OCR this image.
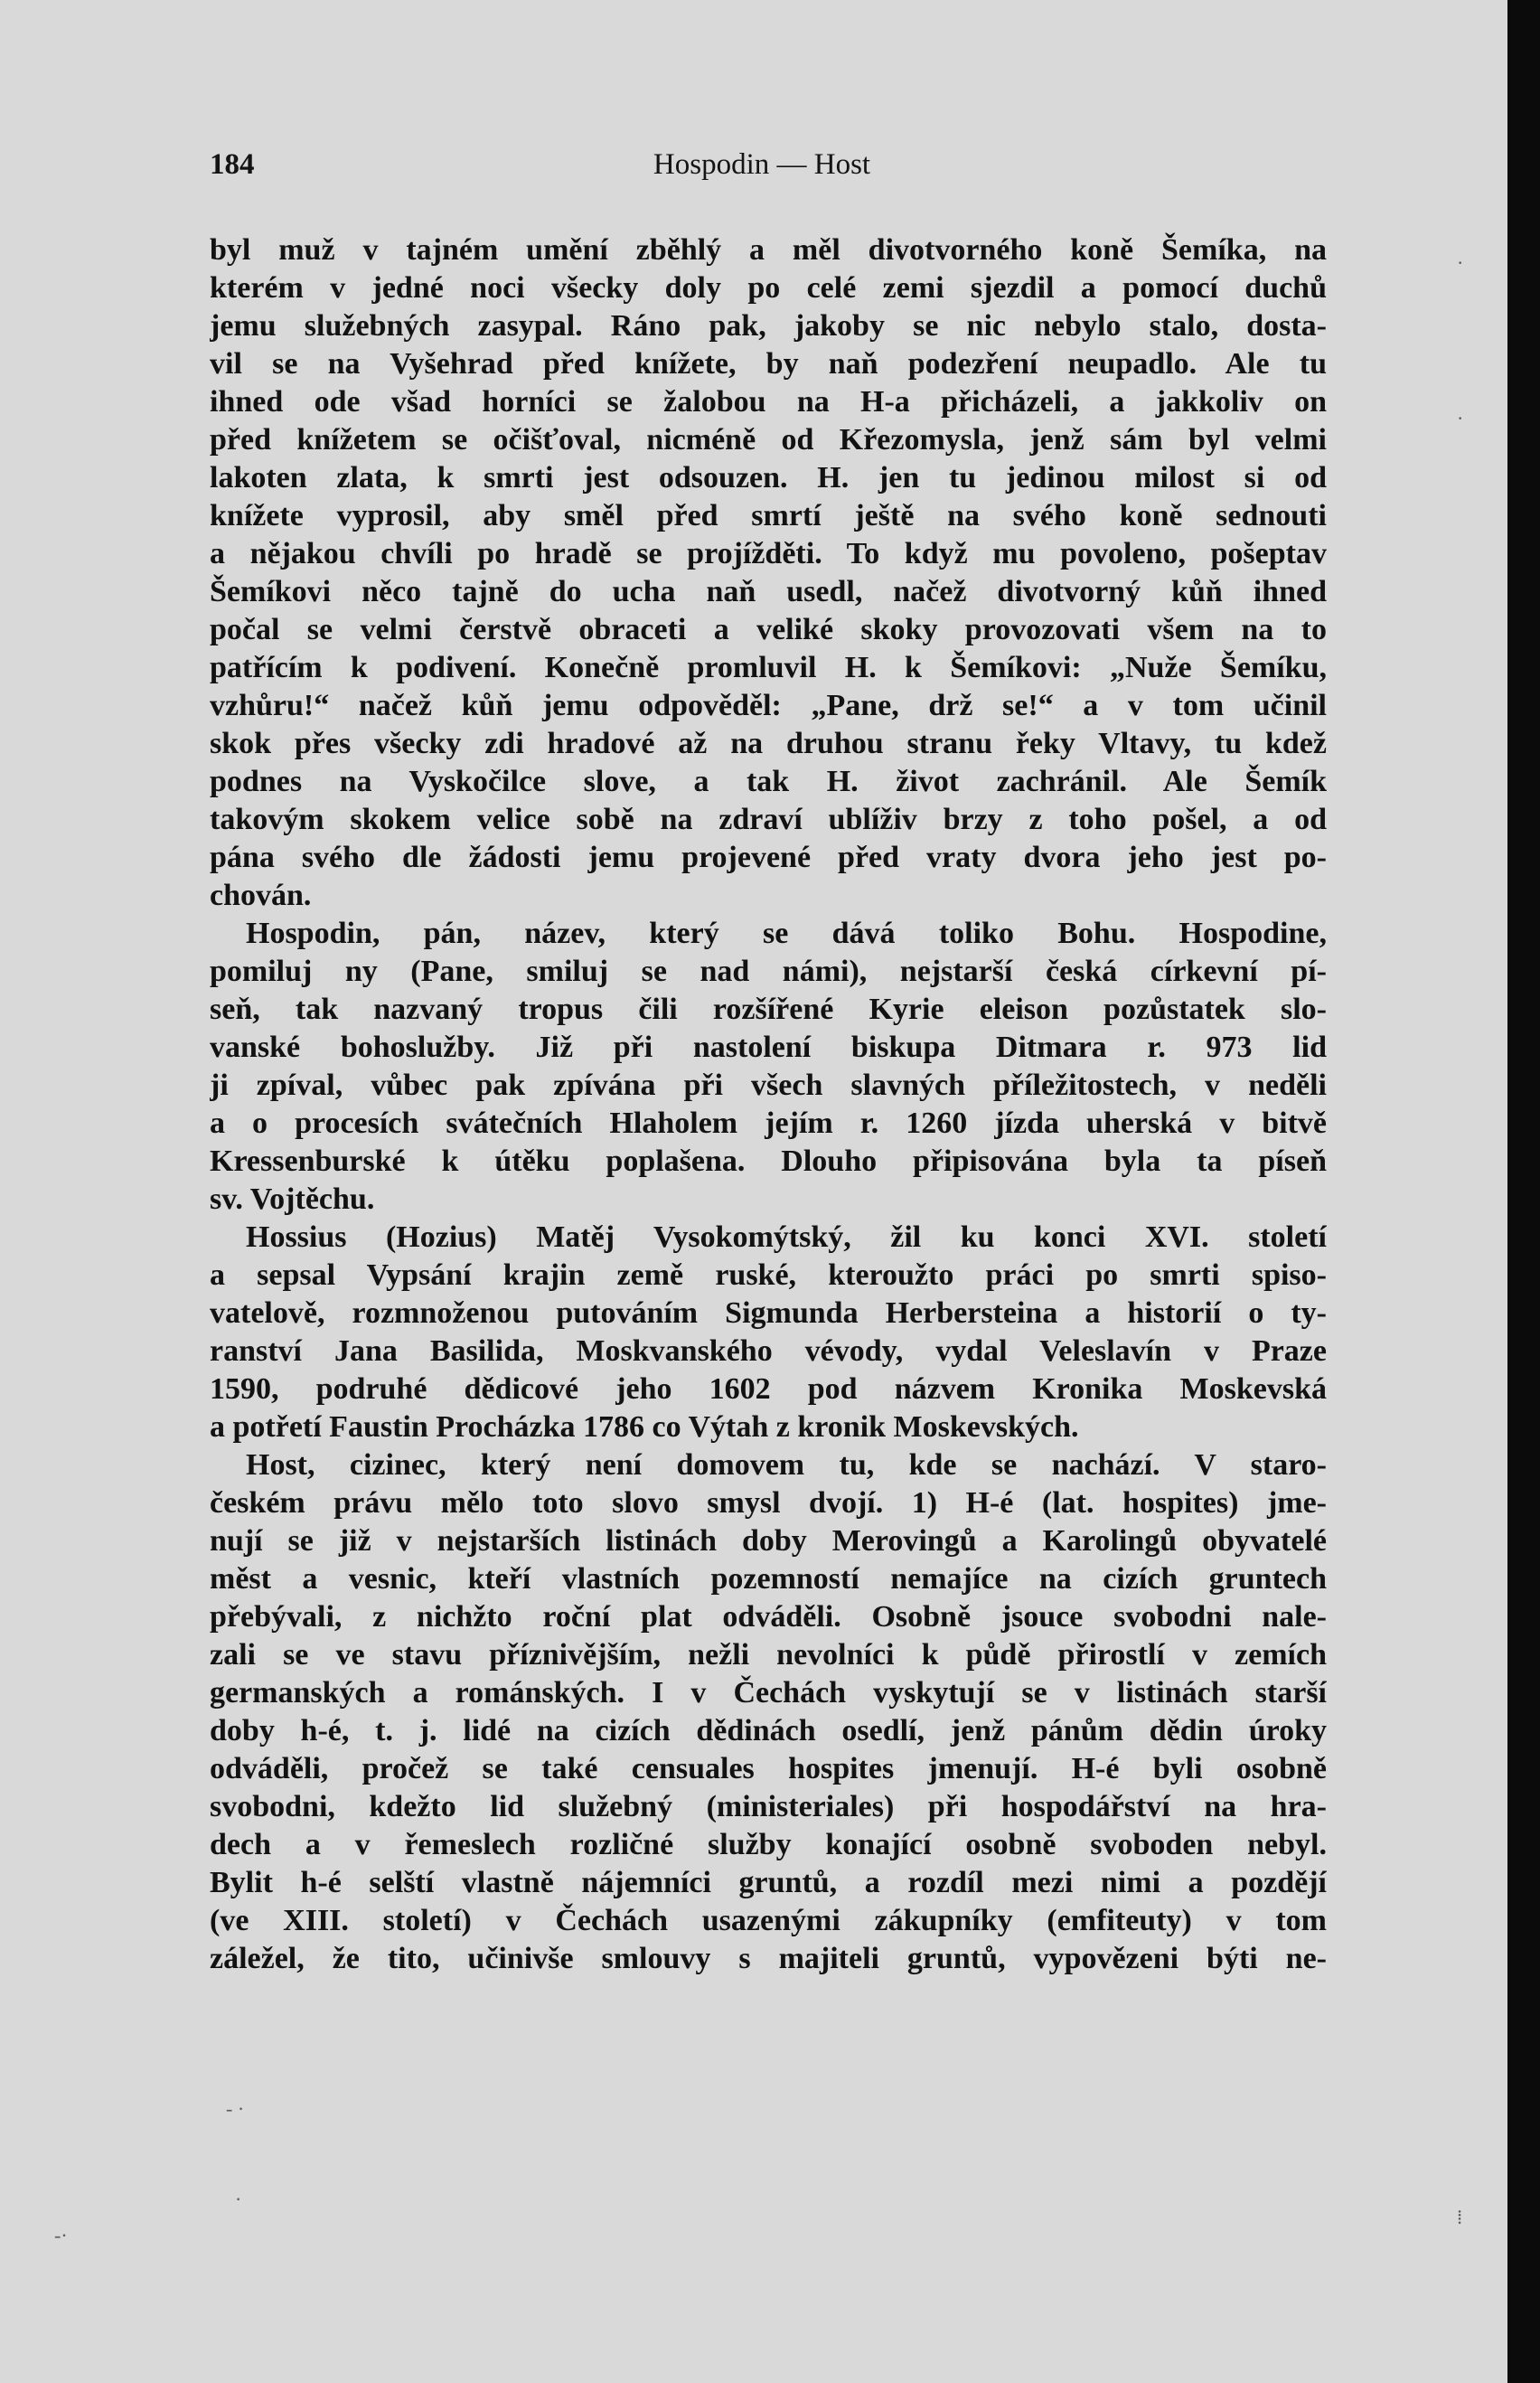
184	Hospodin — Host
byl muž v tajném umění zběhlý a měl divotvorného koně Šemíka, na
kterém v jedné noci všecky doly po celé zemi sjezdil a pomocí duchů
jemu služebných zasypal. Ráno pak, jakoby se nic nebylo stalo, dosta-
vil se na Vyšehrad před knížete, by naň podezření neupadlo. Ale tu
ihned ode všad horníci se žalobou na H-a přicházeli, a jakkoliv on
před knížetem se očišťoval, nicméně od Křezomysla, jenž sám byl velmi
lakoten zlata, k smrti jest odsouzen. H. jen tu jedinou milost si od
knížete vyprosil, aby směl před smrtí ještě na svého koně sednouti
a nějakou chvíli po hradě se projížděti. To když mu povoleno, pošeptav
Šemíkovi něco tajně do ucha naň usedl, načež divotvorný kůň ihned
počal se velmi čerstvě obraceti a veliké skoky provozovati všem na to
patřícím k podivení. Konečně promluvil H. k Šemíkovi: „Nuže Šemíku,
vzhůru!“ načež kůň jemu odpověděl: „Pane, drž se!“ a v tom učinil
skok přes všecky zdi hradové až na druhou stranu řeky Vltavy, tu kdež
podnes na Vyskočilce slove, a tak H. život zachránil. Ale Šemík
takovým skokem velice sobě na zdraví ublíživ brzy z toho pošel, a od
pána svého dle žádosti jemu projevené před vraty dvora jeho jest po-
chován.
Hospodin, pán, název, který se dává toliko Bohu. Hospodine,
pomiluj ny (Pane, smiluj se nad námi), nejstarší česká církevní pí-
seň, tak nazvaný tropus čili rozšířené Kyrie eleison pozůstatek slo-
vanské bohoslužby. Již při nastolení biskupa Ditmara r. 973 lid
ji zpíval, vůbec pak zpívána při všech slavných příležitostech, v neděli
a o procesích svátečních Hlaholem jejím r. 1260 jízda uherská v bitvě
Kressenburské k útěku poplašena. Dlouho připisována byla ta píseň
sv. Vojtěchu.
Hossius (Hozius) Matěj Vysokomýtský, žil ku konci XVI. století
a sepsal Vypsání krajin země ruské, kteroužto práci po smrti spiso-
vatelově, rozmnoženou putováním Sigmunda Herbersteina a historií o ty-
ranství Jana Basilida, Moskvanského vévody, vydal Veleslavín v Praze
1590, podruhé dědicové jeho 1602 pod názvem Kronika Moskevská
a potřetí Faustin Procházka 1786 co Výtah z kronik Moskevských.
Host, cizinec, který není domovem tu, kde se nachází. V staro-
českém právu mělo toto slovo smysl dvojí. 1) H-é (lat. hospites) jme-
nují se již v nejstarších listinách doby Merovingů a Karolingů obyvatelé
měst a vesnic, kteří vlastních pozemností nemajíce na cizích gruntech
přebývali, z nichžto roční plat odváděli. Osobně jsouce svobodni nale-
zali se ve stavu příznivějším, nežli nevolníci k půdě přirostlí v zemích
germanských a románských. I v Čechách vyskytují se v listinách starší
doby h-é, t. j. lidé na cizích dědinách osedlí, jenž pánům dědin úroky
odváděli, pročež se také censuales hospites jmenují. H-é byli osobně
svobodni, kdežto lid služebný (ministeriales) při hospodářství na hra-
dech a v řemeslech rozličné služby konající osobně svoboden nebyl.
Bylit h-é selští vlastně nájemníci gruntů, a rozdíl mezi nimi a pozdějí
(ve XIII. století) v Čechách usazenými zákupníky (emfiteuty) v tom
záležel, že tito, učinivše smlouvy s majiteli gruntů, vypovězeni býti ne-
·
·
- ·
·
-·
⁞
